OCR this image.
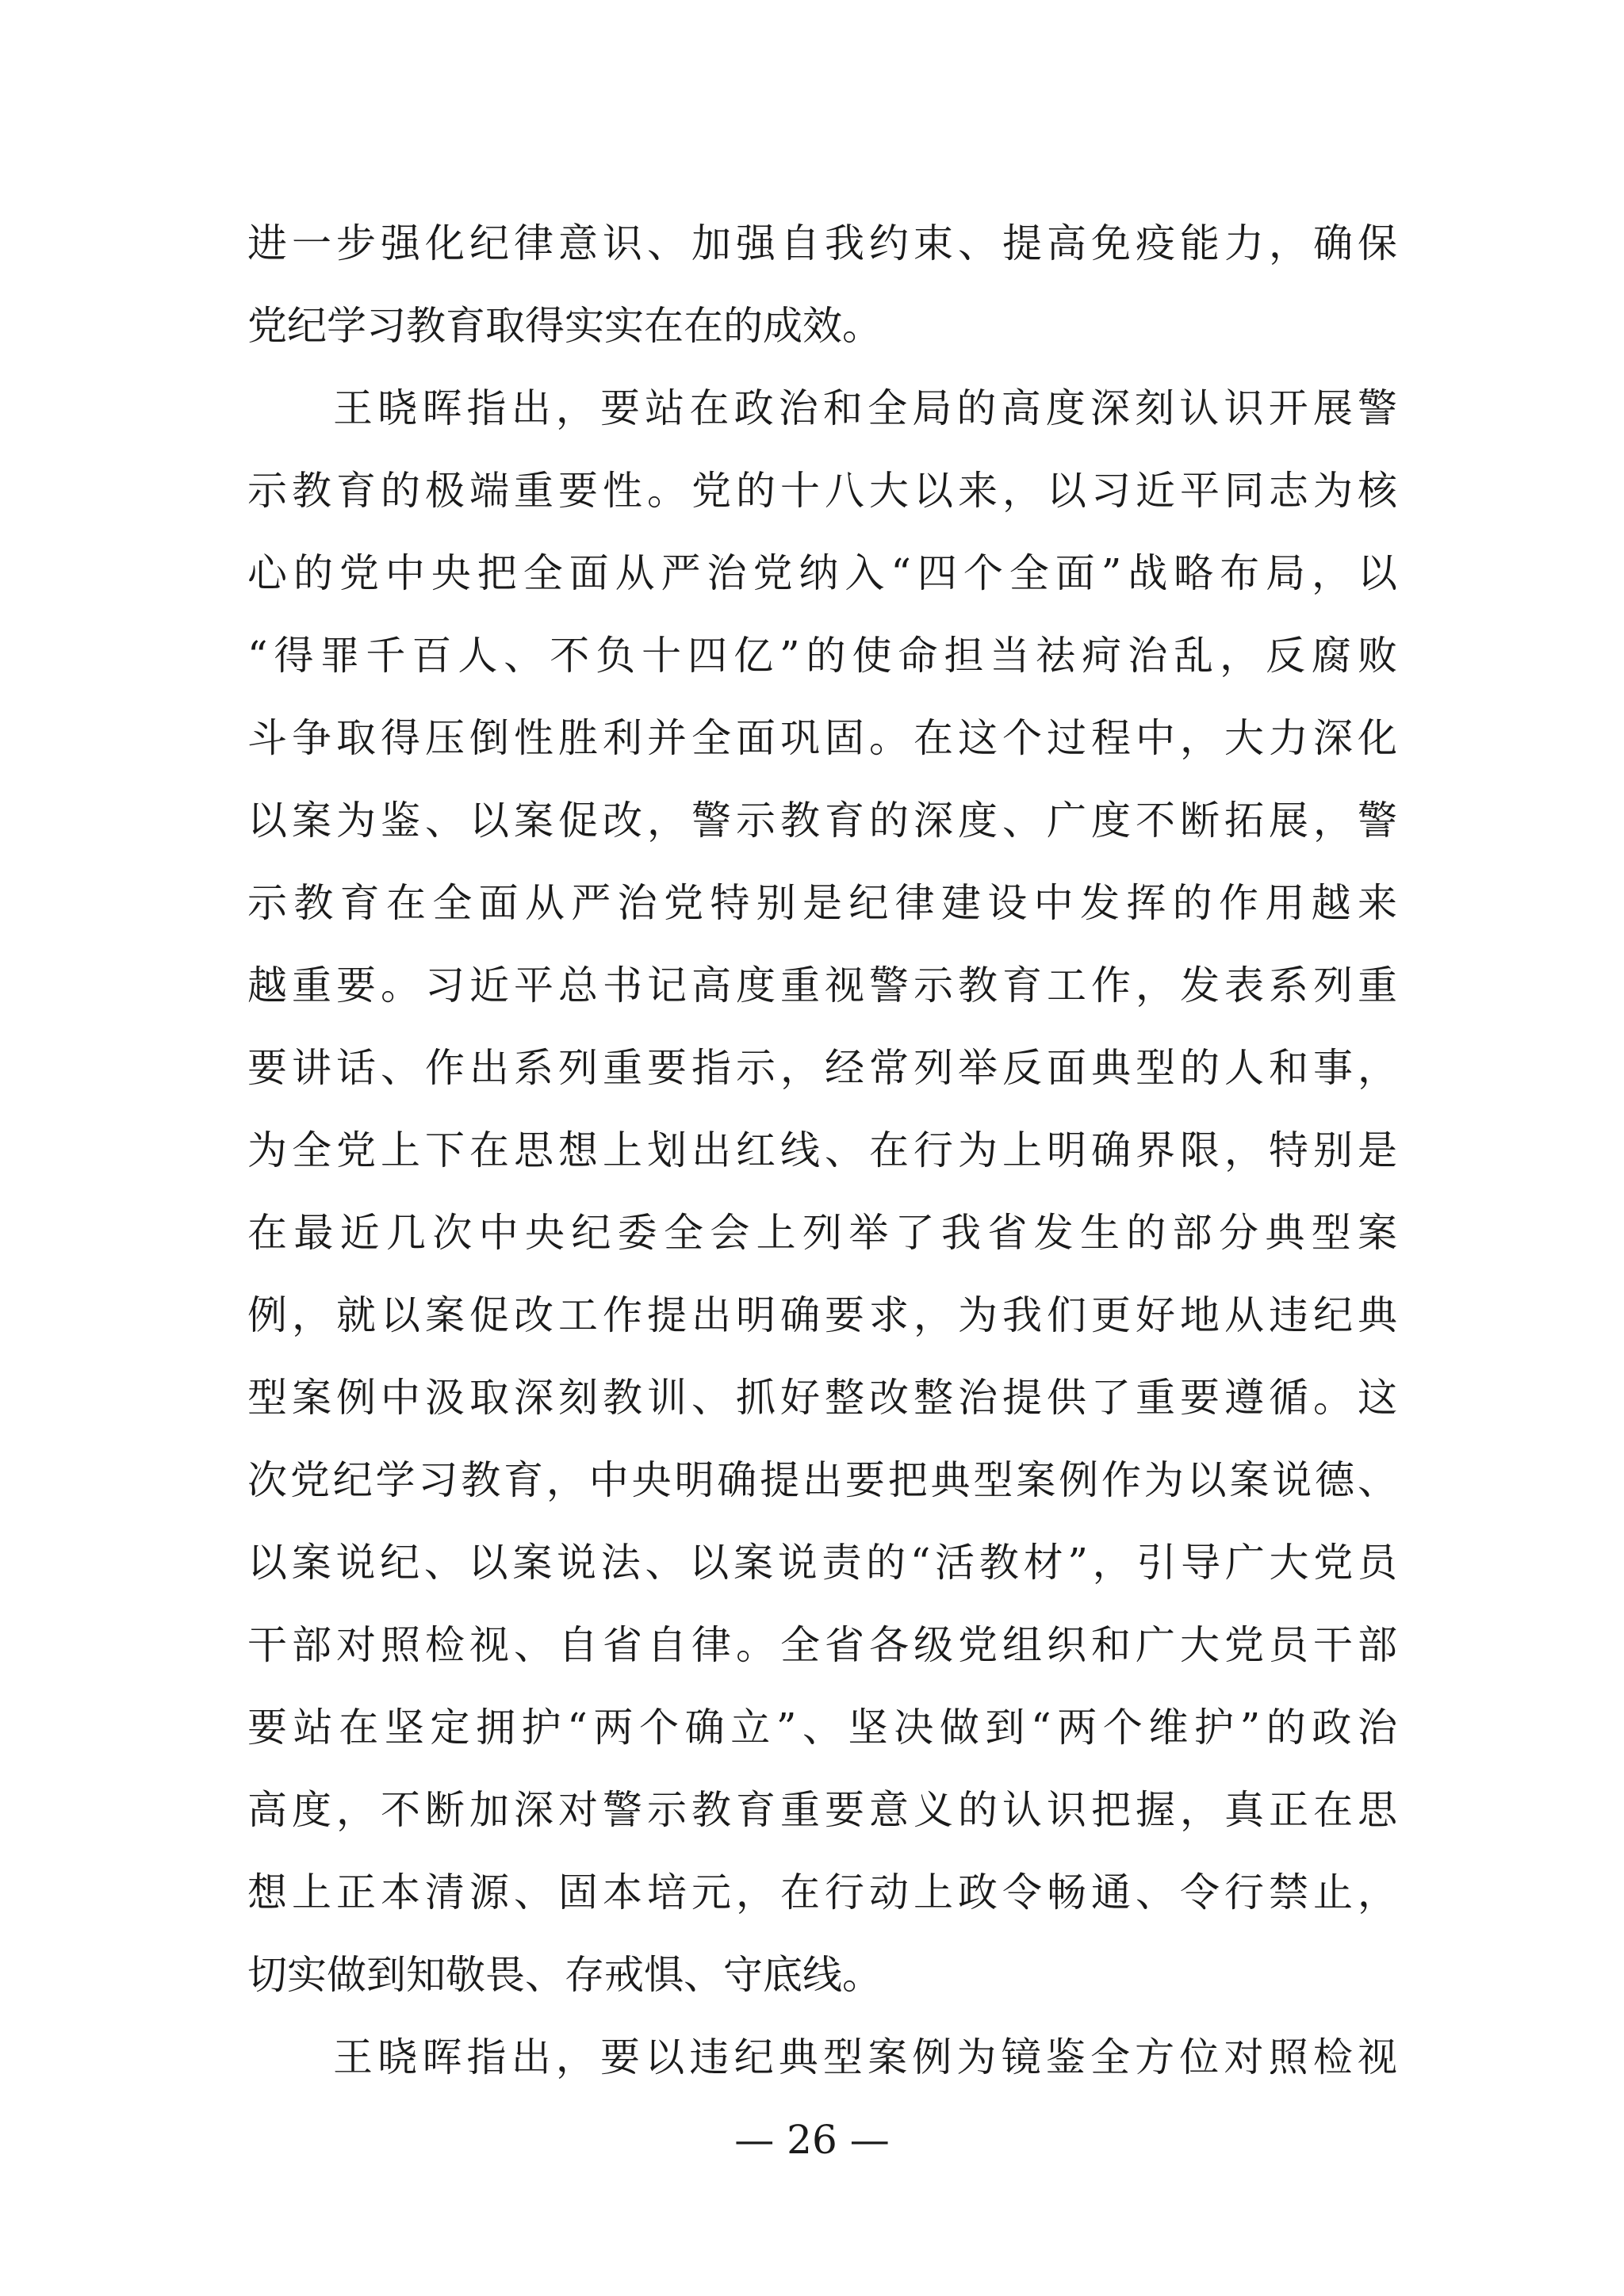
进一步强化纪律意识、加强自我约束、提高免疫能力，确保
党纪学习教育取得实实在在的成效。
王晓晖指出，要站在政治和全局的高度深刻认识开展警
示教育的极端重要性。党的十八大以来，以习近平同志为核
心的党中央把全面从严治党纳入“四个全面”战略布局，以
“得罪千百人、不负十四亿”的使命担当祛疴治乱，反腐败
斗争取得压倒性胜利并全面巩固。在这个过程中，大力深化
以案为鉴、以案促改，警示教育的深度、广度不断拓展，警
示教育在全面从严治党特别是纪律建设中发挥的作用越来
越重要。习近平总书记高度重视警示教育工作，发表系列重
要讲话、作出系列重要指示，经常列举反面典型的人和事，
为全党上下在思想上划出红线、在行为上明确界限，特别是
在最近几次中央纪委全会上列举了我省发生的部分典型案
例，就以案促改工作提出明确要求，为我们更好地从违纪典
型案例中汲取深刻教训、抓好整改整治提供了重要遵循。这
次党纪学习教育，中央明确提出要把典型案例作为以案说德、
以案说纪、以案说法、以案说责的“活教材”，引导广大党员
干部对照检视、自省自律。全省各级党组织和广大党员干部
要站在坚定拥护“两个确立”、坚决做到“两个维护”的政治
高度，不断加深对警示教育重要意义的认识把握，真正在思
想上正本清源、固本培元，在行动上政令畅通、令行禁止，
切实做到知敬畏、存戒惧、守底线。
王晓晖指出，要以违纪典型案例为镜鉴全方位对照检视
— 26 —
